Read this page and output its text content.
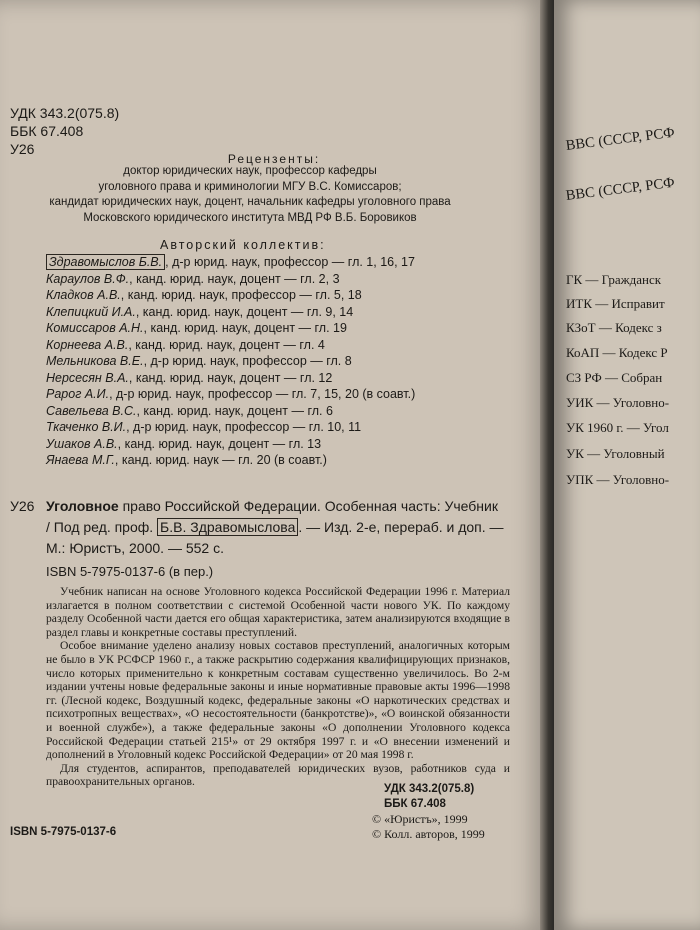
УДК 343.2(075.8)
ББК 67.408
У26
Рецензенты:
доктор юридических наук, профессор кафедры
уголовного права и криминологии МГУ В.С. Комиссаров;
кандидат юридических наук, доцент, начальник кафедры уголовного права
Московского юридического института МВД РФ В.Б. Боровиков
Авторский коллектив:
Здравомыслов Б.В. , д-р юрид. наук, профессор — гл. 1, 16, 17
Караулов В.Ф., канд. юрид. наук, доцент — гл. 2, 3
Кладков А.В., канд. юрид. наук, профессор — гл. 5, 18
Клепицкий И.А., канд. юрид. наук, доцент — гл. 9, 14
Комиссаров А.Н., канд. юрид. наук, доцент — гл. 19
Корнеева А.В., канд. юрид. наук, доцент — гл. 4
Мельникова В.Е., д-р юрид. наук, профессор — гл. 8
Нерсесян В.А., канд. юрид. наук, доцент — гл. 12
Рарог А.И., д-р юрид. наук, профессор — гл. 7, 15, 20 (в соавт.)
Савельева В.С., канд. юрид. наук, доцент — гл. 6
Ткаченко В.И., д-р юрид. наук, профессор — гл. 10, 11
Ушаков А.В., канд. юрид. наук, доцент — гл. 13
Янаева М.Г., канд. юрид. наук — гл. 20 (в соавт.)
У26 Уголовное право Российской Федерации. Особенная часть: Учебник / Под ред. проф. Б.В. Здравомыслова . — Изд. 2-е, перераб. и доп. — М.: Юристъ, 2000. — 552 с.
ISBN 5-7975-0137-6 (в пер.)
Учебник написан на основе Уголовного кодекса Российской Федерации 1996 г. Материал излагается в полном соответствии с системой Особенной части нового УК. По каждому разделу Особенной части дается его общая характеристика, затем анализируются входящие в раздел главы и конкретные составы преступлений.
Особое внимание уделено анализу новых составов преступлений, аналогичных которым не было в УК РСФСР 1960 г., а также раскрытию содержания квалифицирующих признаков, число которых применительно к конкретным составам существенно увеличилось. Во 2-м издании учтены новые федеральные законы и иные нормативные правовые акты 1996—1998 гг. (Лесной кодекс, Воздушный кодекс, федеральные законы «О наркотических средствах и психотропных веществах», «О несостоятельности (банкротстве)», «О воинской обязанности и военной службе»), а также федеральные законы «О дополнении Уголовного кодекса Российской Федерации статьей 215¹» от 29 октября 1997 г. и «О внесении изменений и дополнений в Уголовный кодекс Российской Федерации» от 20 мая 1998 г.
Для студентов, аспирантов, преподавателей юридических вузов, работников суда и правоохранительных органов.
УДК 343.2(075.8)
ББК 67.408
ISBN 5-7975-0137-6
© «Юристъ», 1999
© Колл. авторов, 1999
ВВС (СССР, РСФ
ВВС (СССР, РСФ
ГК — Гражданск
ИТК — Исправит
КЗоТ — Кодекс з
КоАП — Кодекс Р
СЗ РФ — Собран
УИК — Уголовно-
УК 1960 г. — Угол
УК — Уголовный
УПК — Уголовно-
